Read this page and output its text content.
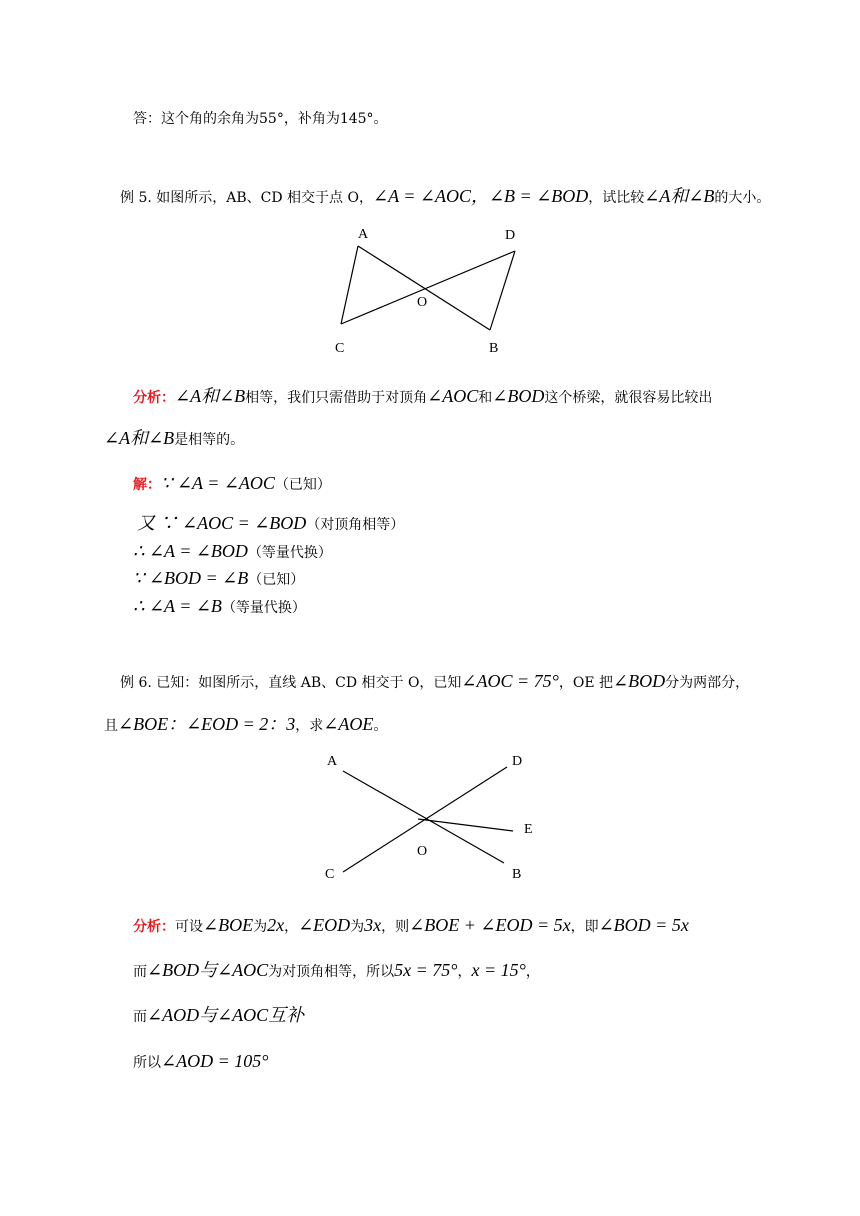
答：这个角的余角为55°，补角为145°。
例 5. 如图所示，AB、CD 相交于点 O，∠A = ∠AOC，∠B = ∠BOD，试比较∠A和∠B的大小。
A	D
O
C	B
分析：∠A和∠B相等，我们只需借助于对顶角∠AOC和∠BOD这个桥梁，就很容易比较出
∠A和∠B是相等的。
解：∵ ∠A = ∠AOC（已知）
又 ∵ ∠AOC = ∠BOD（对顶角相等）
∴ ∠A = ∠BOD（等量代换）
∵ ∠BOD = ∠B（已知）
∴ ∠A = ∠B（等量代换）
例 6. 已知：如图所示，直线 AB、CD 相交于 O，已知∠AOC = 75°，OE 把∠BOD分为两部分，
且∠BOE：∠EOD = 2：3，求∠AOE。
A	D
E
O
C	B
分析：可设∠BOE为2x，∠EOD为3x，则∠BOE + ∠EOD = 5x，即∠BOD = 5x
而∠BOD与∠AOC为对顶角相等，所以5x = 75°，x = 15°，
而∠AOD与∠AOC互补
所以∠AOD = 105°
